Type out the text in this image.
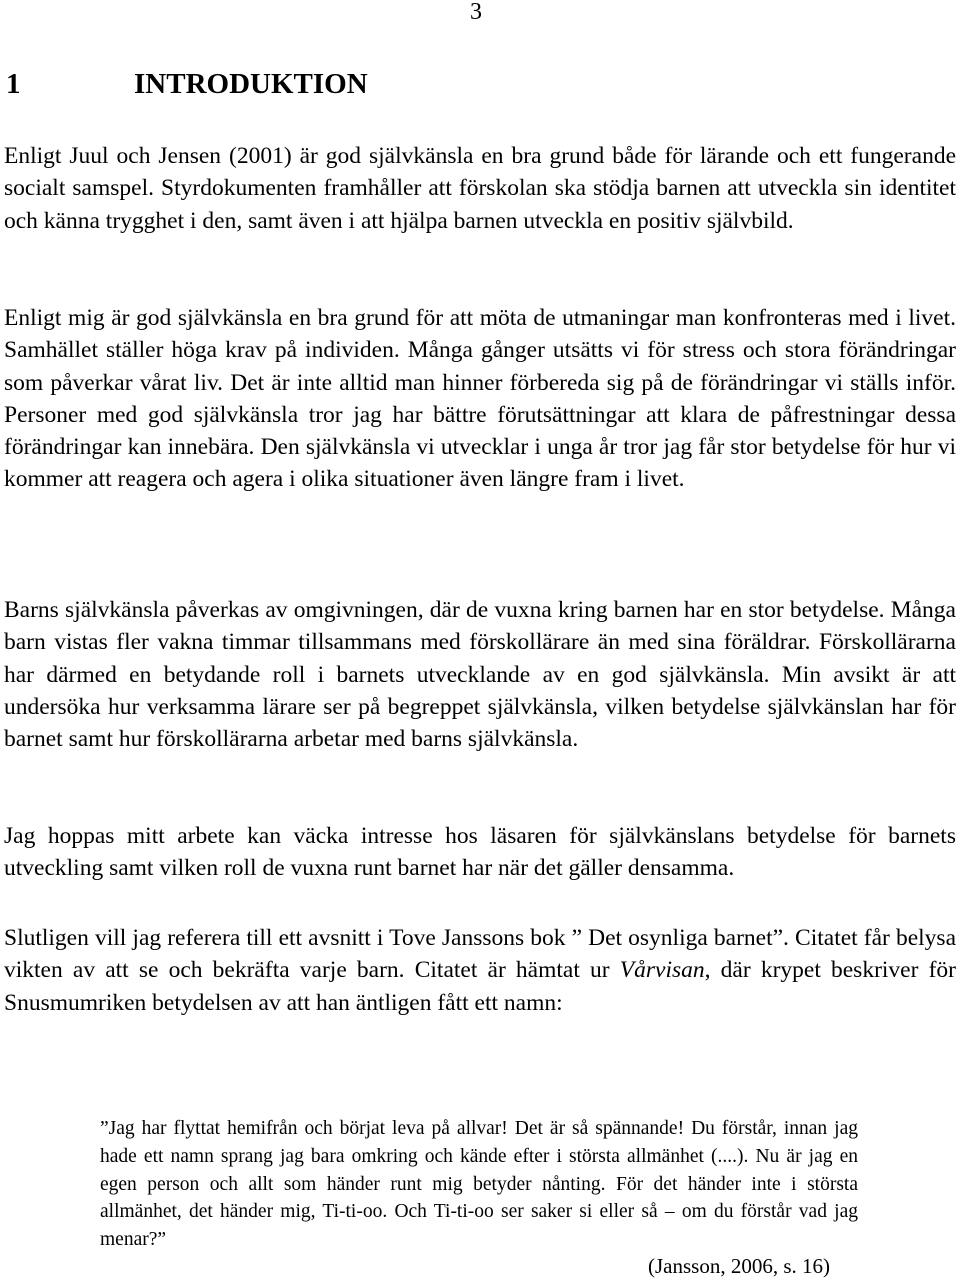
3
1	INTRODUKTION

Enligt Juul och Jensen (2001) är god självkänsla en bra grund både för lärande och ett fungerande socialt samspel. Styrdokumenten framhåller att förskolan ska stödja barnen att utveckla sin identitet och känna trygghet i den, samt även i att hjälpa barnen utveckla en positiv självbild.

Enligt mig är god självkänsla en bra grund för att möta de utmaningar man konfronteras med i livet. Samhället ställer höga krav på individen. Många gånger utsätts vi för stress och stora förändringar som påverkar vårat liv. Det är inte alltid man hinner förbereda sig på de förändringar vi ställs inför. Personer med god självkänsla tror jag har bättre förutsättningar att klara de påfrestningar dessa förändringar kan innebära. Den självkänsla vi utvecklar i unga år tror jag får stor betydelse för hur vi kommer att reagera och agera i olika situationer även längre fram i livet.

Barns självkänsla påverkas av omgivningen, där de vuxna kring barnen har en stor betydelse. Många barn vistas fler vakna timmar tillsammans med förskollärare än med sina föräldrar. Förskollärarna har därmed en betydande roll i barnets utvecklande av en god självkänsla. Min avsikt är att undersöka hur verksamma lärare ser på begreppet självkänsla, vilken betydelse självkänslan har för barnet samt hur förskollärarna arbetar med barns självkänsla.

Jag hoppas mitt arbete kan väcka intresse hos läsaren för självkänslans betydelse för barnets utveckling samt vilken roll de vuxna runt barnet har när det gäller densamma.

Slutligen vill jag referera till ett avsnitt i Tove Janssons bok ” Det osynliga barnet”. Citatet får belysa vikten av att se och bekräfta varje barn. Citatet är hämtat ur Vårvisan, där krypet beskriver för Snusmumriken betydelsen av att han äntligen fått ett namn:

”Jag har flyttat hemifrån och börjat leva på allvar! Det är så spännande! Du förstår, innan jag hade ett namn sprang jag bara omkring och kände efter i största allmänhet (....). Nu är jag en egen person och allt som händer runt mig betyder nånting. För det händer inte i största allmänhet, det händer mig, Ti-ti-oo. Och Ti-ti-oo ser saker si eller så – om du förstår vad jag menar?”
(Jansson, 2006, s. 16)
